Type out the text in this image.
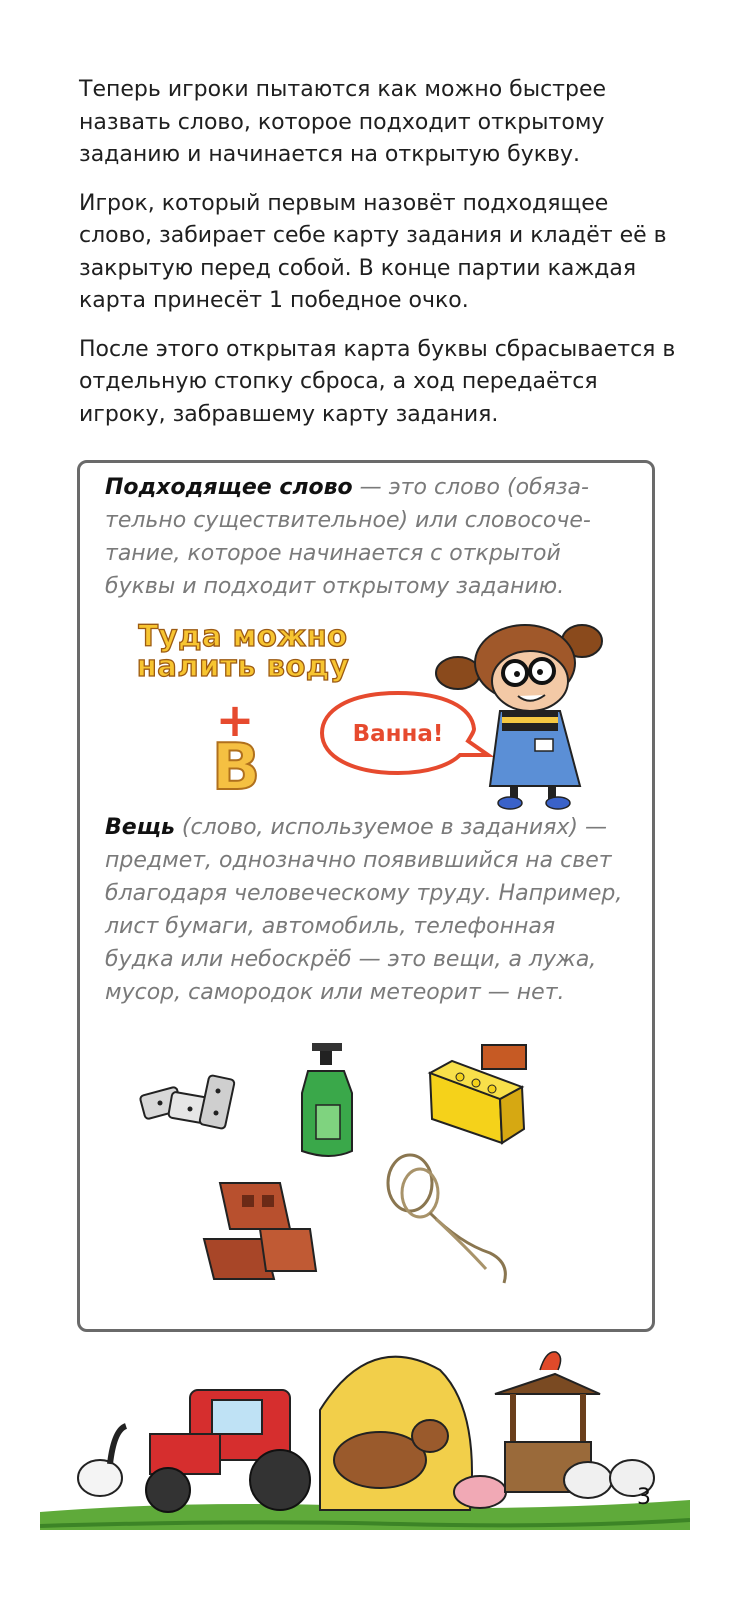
Теперь игроки пытаются как можно быстрее назвать слово, которое подходит открытому заданию и начинается на открытую букву.

Игрок, который первым назовёт подходящее слово, забирает себе карту задания и кладёт её в закрытую перед собой. В конце партии каждая карта принесёт 1 победное очко.

После этого открытая карта буквы сбрасывается в отдельную стопку сброса, а ход передаётся игроку, забравшему карту задания.

Подходящее слово — это слово (обязательно существительное) или словосочетание, которое начинается с открытой буквы и подходит открытому заданию.
Туда можно
налить воду
+
В	Ванна!
Вещь (слово, используемое в заданиях) — предмет, однозначно появившийся на свет благодаря человеческому труду. Например, лист бумаги, автомобиль, телефонная будка или небоскрёб — это вещи, а лужа, мусор, самородок или метеорит — нет.
3
